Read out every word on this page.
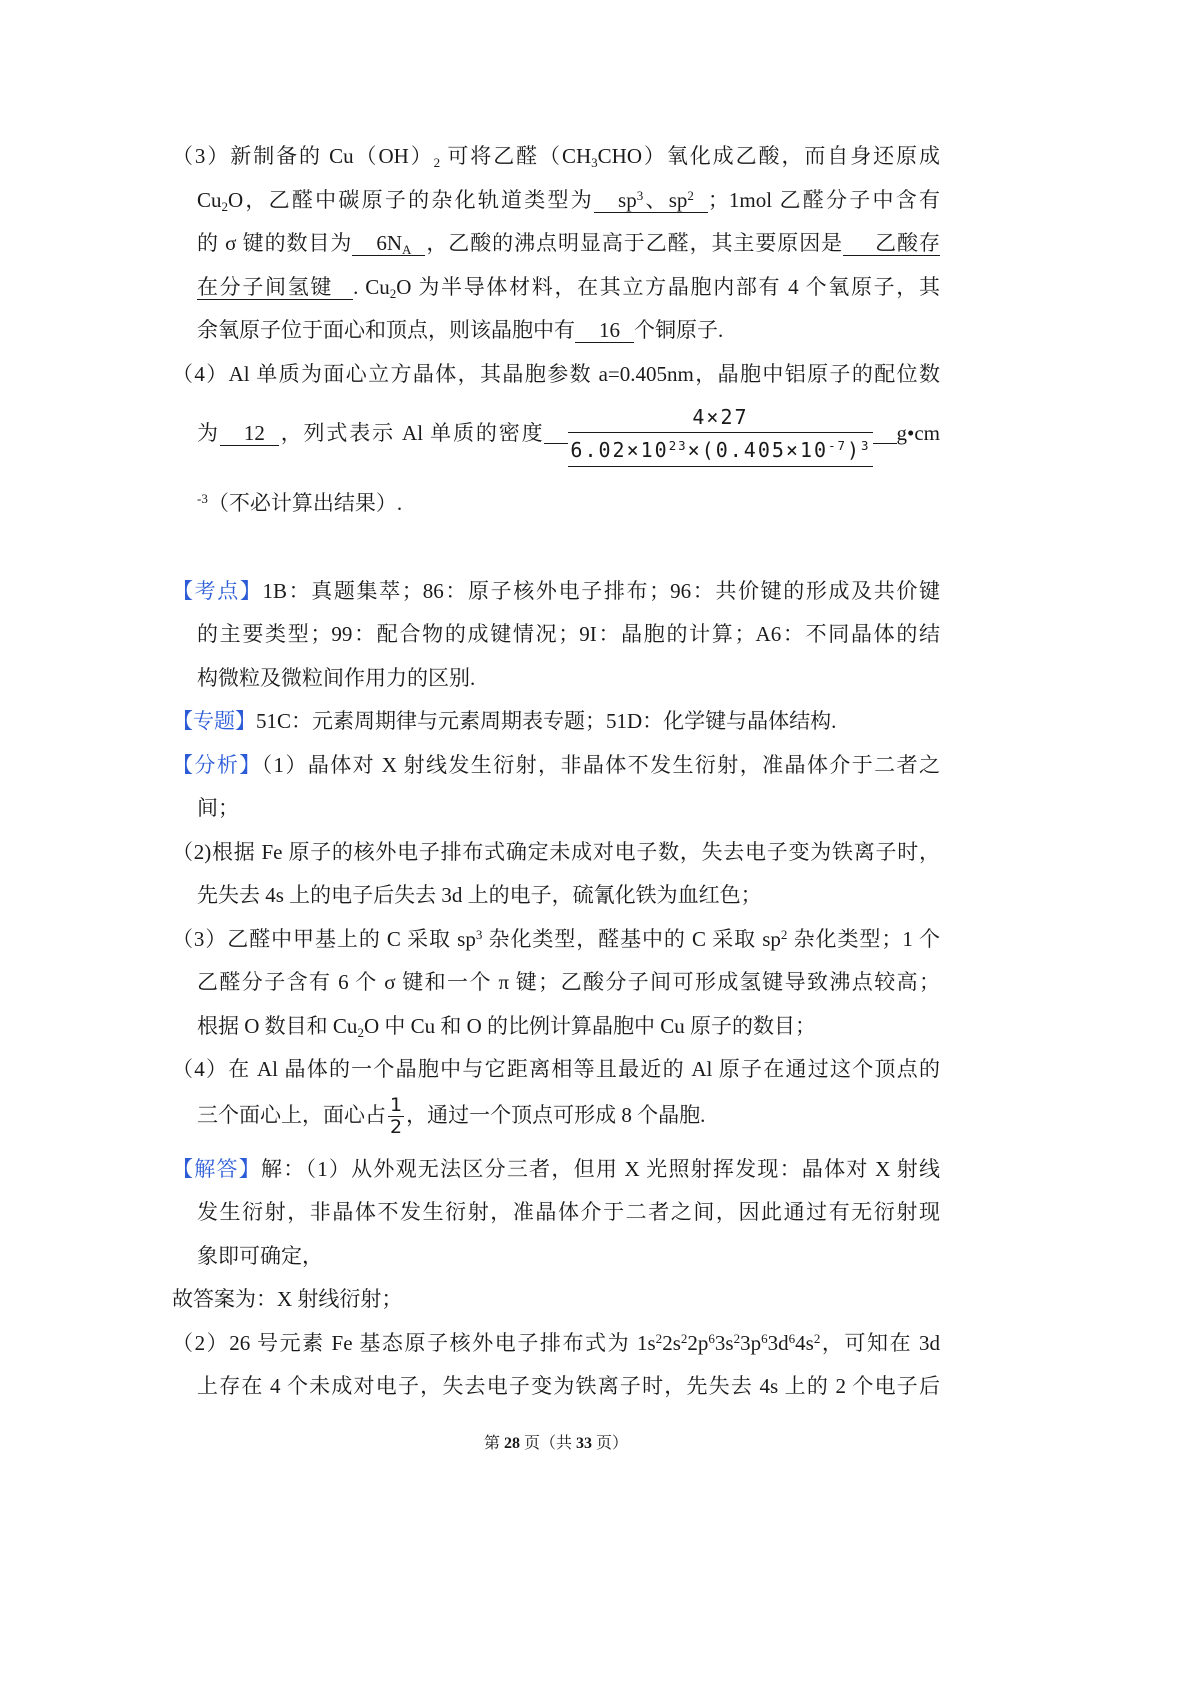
（3）新制备的 Cu（OH）2 可将乙醛（CH3CHO）氧化成乙酸，而自身还原成
Cu2O，乙醛中碳原子的杂化轨道类型为 $sp^3$、$sp^2$ ；1mol 乙醛分子中含有
的 σ 键的数目为 6NA ，乙酸的沸点明显高于乙醛，其主要原因是 乙酸存
在分子间氢键 . Cu2O 为半导体材料，在其立方晶胞内部有 4 个氧原子，其
余氧原子位于面心和顶点，则该晶胞中有 16 个铜原子.
（4）Al 单质为面心立方晶体，其晶胞参数 a=0.405nm，晶胞中铝原子的配位数
为 12 ，列式表示 Al 单质的密度 $\frac{4\times 27}{6.02\times 10^{23}\times(0.405\times 10^{-7})^3}$ g•cm
$^{-3}$（不必计算出结果）.
【考点】1B：真题集萃；86：原子核外电子排布；96：共价键的形成及共价键
的主要类型；99：配合物的成键情况；9I：晶胞的计算；A6：不同晶体的结
构微粒及微粒间作用力的区别.
【专题】51C：元素周期律与元素周期表专题；51D：化学键与晶体结构.
【分析】（1）晶体对 X 射线发生衍射，非晶体不发生衍射，准晶体介于二者之
间；
（2)根据 Fe 原子的核外电子排布式确定未成对电子数，失去电子变为铁离子时，
先失去 4s 上的电子后失去 3d 上的电子，硫氰化铁为血红色；
（3）乙醛中甲基上的 C 采取 $sp^3$ 杂化类型，醛基中的 C 采取 $sp^2$ 杂化类型；1 个
乙醛分子含有 6 个 σ 键和一个 π 键；乙酸分子间可形成氢键导致沸点较高；
根据 O 数目和 Cu2O 中 Cu 和 O 的比例计算晶胞中 Cu 原子的数目；
（4）在 Al 晶体的一个晶胞中与它距离相等且最近的 Al 原子在通过这个顶点的
三个面心上，面心占 $\frac{1}{2}$ ，通过一个顶点可形成 8 个晶胞.
【解答】解：（1）从外观无法区分三者，但用 X 光照射挥发现：晶体对 X 射线
发生衍射，非晶体不发生衍射，准晶体介于二者之间，因此通过有无衍射现
象即可确定，
故答案为：X 射线衍射；
（2）26 号元素 Fe 基态原子核外电子排布式为 $1s^22s^22p^63s^23p^63d^64s^2$，可知在 3d
上存在 4 个未成对电子，失去电子变为铁离子时，先失去 4s 上的 2 个电子后
第 28 页（共 33 页）
